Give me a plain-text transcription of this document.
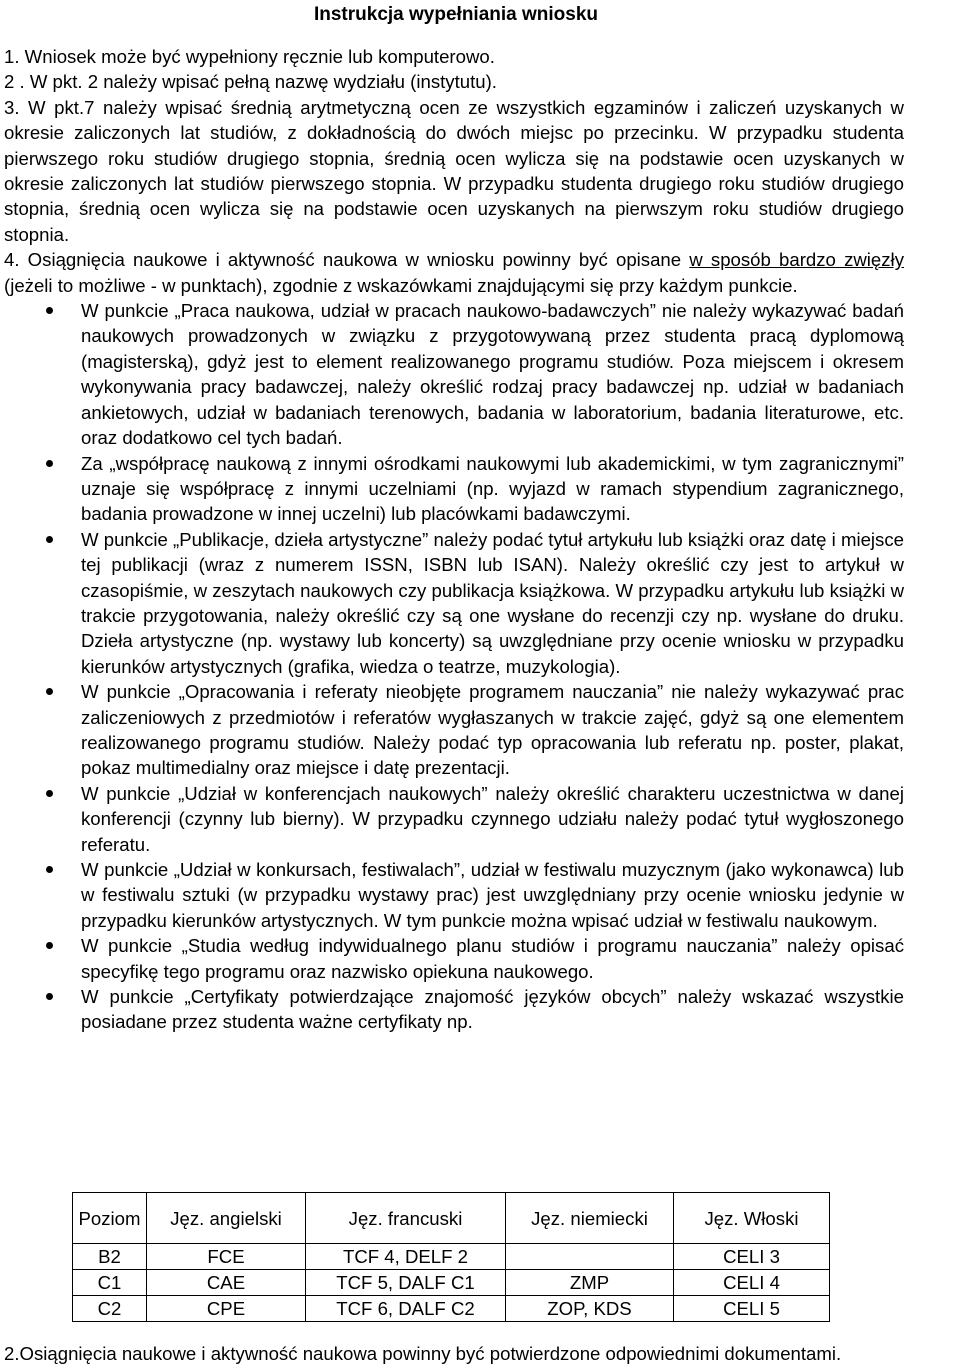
Instrukcja wypełniania wniosku

1. Wniosek może być wypełniony ręcznie lub komputerowo.

2 . W pkt. 2 należy wpisać pełną nazwę wydziału (instytutu).

3. W pkt.7 należy wpisać średnią arytmetyczną ocen ze wszystkich egzaminów i zaliczeń uzyskanych w okresie zaliczonych lat studiów, z dokładnością do dwóch miejsc po przecinku. W przypadku studenta pierwszego roku studiów drugiego stopnia, średnią ocen wylicza się na podstawie ocen uzyskanych w okresie zaliczonych lat studiów pierwszego stopnia. W przypadku studenta drugiego roku studiów drugiego stopnia, średnią ocen wylicza się na podstawie ocen uzyskanych na pierwszym roku studiów drugiego stopnia.

4. Osiągnięcia naukowe i aktywność naukowa w wniosku powinny być opisane w sposób bardzo zwięzły (jeżeli to możliwe - w punktach), zgodnie z wskazówkami znajdującymi się przy każdym punkcie.

W punkcie „Praca naukowa, udział w pracach naukowo-badawczych” nie należy wykazywać badań naukowych prowadzonych w związku z przygotowywaną przez studenta pracą dyplomową (magisterską), gdyż jest to element realizowanego programu studiów. Poza miejscem i okresem wykonywania pracy badawczej, należy określić rodzaj pracy badawczej np. udział w badaniach ankietowych, udział w badaniach terenowych, badania w laboratorium, badania literaturowe, etc. oraz dodatkowo cel tych badań.
Za „współpracę naukową z innymi ośrodkami naukowymi lub akademickimi, w tym zagranicznymi” uznaje się współpracę z innymi uczelniami (np. wyjazd w ramach stypendium zagranicznego, badania prowadzone w innej uczelni) lub placówkami badawczymi.
W punkcie „Publikacje, dzieła artystyczne” należy podać tytuł artykułu lub książki oraz datę i miejsce tej publikacji (wraz z numerem ISSN, ISBN lub ISAN). Należy określić czy jest to artykuł w czasopiśmie, w zeszytach naukowych czy publikacja książkowa. W przypadku artykułu lub książki w trakcie przygotowania, należy określić czy są one wysłane do recenzji czy np. wysłane do druku. Dzieła artystyczne (np. wystawy lub koncerty) są uwzględniane przy ocenie wniosku w przypadku kierunków artystycznych (grafika, wiedza o teatrze, muzykologia).
W punkcie „Opracowania i referaty nieobjęte programem nauczania” nie należy wykazywać prac zaliczeniowych z przedmiotów i referatów wygłaszanych w trakcie zajęć, gdyż są one elementem realizowanego programu studiów. Należy podać typ opracowania lub referatu np. poster, plakat, pokaz multimedialny oraz miejsce i datę prezentacji.
W punkcie „Udział w konferencjach naukowych” należy określić charakteru uczestnictwa w danej konferencji (czynny lub bierny). W przypadku czynnego udziału należy podać tytuł wygłoszonego referatu.
W punkcie „Udział w konkursach, festiwalach”, udział w festiwalu muzycznym (jako wykonawca) lub w festiwalu sztuki (w przypadku wystawy prac) jest uwzględniany przy ocenie wniosku jedynie w przypadku kierunków artystycznych. W tym punkcie można wpisać udział w festiwalu naukowym.
W punkcie „Studia według indywidualnego planu studiów i programu nauczania” należy opisać specyfikę tego programu oraz nazwisko opiekuna naukowego.
W punkcie „Certyfikaty potwierdzające znajomość języków obcych” należy wskazać wszystkie posiadane przez studenta ważne certyfikaty np.
Poziom	Jęz. angielski	Jęz. francuski	Jęz. niemiecki	Jęz. Włoski
B2	FCE	TCF 4, DELF 2		CELI 3
C1	CAE	TCF 5, DALF C1	ZMP	CELI 4
C2	CPE	TCF 6, DALF C2	ZOP, KDS	CELI 5

2.Osiągnięcia naukowe i aktywność naukowa powinny być potwierdzone odpowiednimi dokumentami.
